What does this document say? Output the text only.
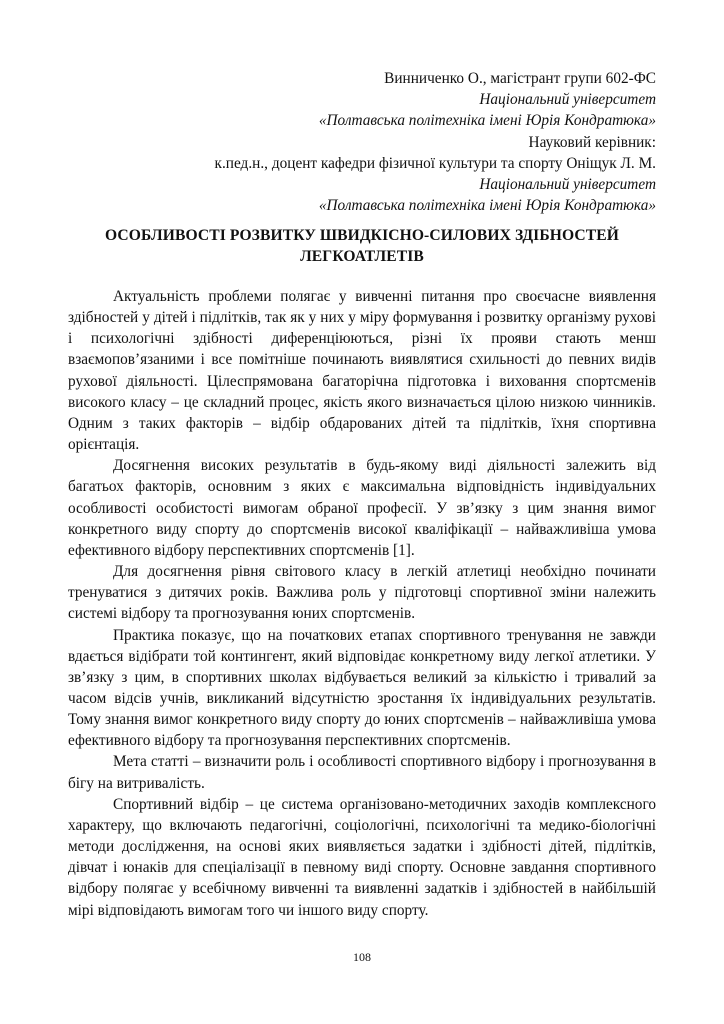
Винниченко О., магістрант групи 602-ФС
Національний університет
«Полтавська політехніка імені Юрія Кондратюка»
Науковий керівник:
к.пед.н., доцент кафедри фізичної культури та спорту Оніщук Л. М.
Національний університет
«Полтавська політехніка імені Юрія Кондратюка»
ОСОБЛИВОСТІ РОЗВИТКУ ШВИДКІСНО-СИЛОВИХ ЗДІБНОСТЕЙ
ЛЕГКОАТЛЕТІВ

Актуальність проблеми полягає у вивченні питання про своєчасне виявлення здібностей у дітей і підлітків, так як у них у міру формування і розвитку організму рухові і психологічні здібності диференціюються, різні їх прояви стають менш взаємопов’язаними і все помітніше починають виявлятися схильності до певних видів рухової діяльності. Цілеспрямована багаторічна підготовка і виховання спортсменів високого класу – це складний процес, якість якого визначається цілою низкою чинників. Одним з таких факторів – відбір обдарованих дітей та підлітків, їхня спортивна орієнтація.

Досягнення високих результатів в будь-якому виді діяльності залежить від багатьох факторів, основним з яких є максимальна відповідність індивідуальних особливості особистості вимогам обраної професії. У зв’язку з цим знання вимог конкретного виду спорту до спортсменів високої кваліфікації – найважливіша умова ефективного відбору перспективних спортсменів [1].

Для досягнення рівня світового класу в легкій атлетиці необхідно починати тренуватися з дитячих років. Важлива роль у підготовці спортивної зміни належить системі відбору та прогнозування юних спортсменів.

Практика показує, що на початкових етапах спортивного тренування не завжди вдається відібрати той контингент, який відповідає конкретному виду легкої атлетики. У зв’язку з цим, в спортивних школах відбувається великий за кількістю і тривалий за часом відсів учнів, викликаний відсутністю зростання їх індивідуальних результатів. Тому знання вимог конкретного виду спорту до юних спортсменів – найважливіша умова ефективного відбору та прогнозування перспективних спортсменів.

Мета статті – визначити роль і особливості спортивного відбору і прогнозування в бігу на витривалість.

Спортивний відбір – це система організовано-методичних заходів комплексного характеру, що включають педагогічні, соціологічні, психологічні та медико-біологічні методи дослідження, на основі яких виявляється задатки і здібності дітей, підлітків, дівчат і юнаків для спеціалізації в певному виді спорту. Основне завдання спортивного відбору полягає у всебічному вивченні та виявленні задатків і здібностей в найбільшій мірі відповідають вимогам того чи іншого виду спорту.

108
